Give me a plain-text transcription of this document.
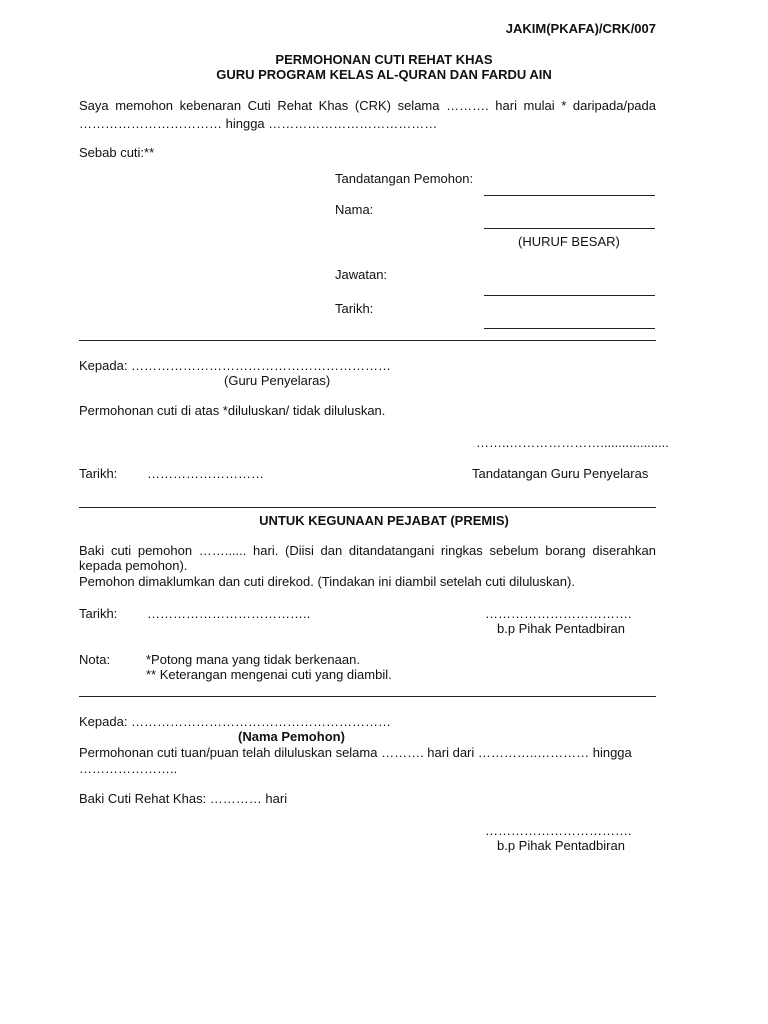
JAKIM(PKAFA)/CRK/007
PERMOHONAN CUTI REHAT KHAS
GURU PROGRAM KELAS AL-QURAN DAN FARDU AIN
Saya memohon kebenaran Cuti Rehat Khas (CRK) selama ………. hari mulai * daripada/pada
…………………………… hingga …………………………………
Sebab cuti:**
Tandatangan Pemohon:
Nama:
(HURUF BESAR)
Jawatan:
Tarikh:
Kepada: ……………………………………………………
(Guru Penyelaras)
Permohonan cuti di atas *diluluskan/ tidak diluluskan.
……..…………………...................
Tarikh: ………………………	Tandatangan Guru Penyelaras
UNTUK KEGUNAAN PEJABAT (PREMIS)
Baki cuti pemohon ……...... hari. (Diisi dan ditandatangani ringkas sebelum borang diserahkan
kepada pemohon).
Pemohon dimaklumkan dan cuti direkod. (Tindakan ini diambil setelah cuti diluluskan).
Tarikh: ………………………………..	…………………………….
b.p Pihak Pentadbiran
Nota:	*Potong mana yang tidak berkenaan.
** Keterangan mengenai cuti yang diambil.
Kepada: ……………………………………………………
(Nama Pemohon)
Permohonan cuti tuan/puan telah diluluskan selama ………. hari dari …………..………… hingga
…………………..
Baki Cuti Rehat Khas: ………… hari
…………………………….
b.p Pihak Pentadbiran
